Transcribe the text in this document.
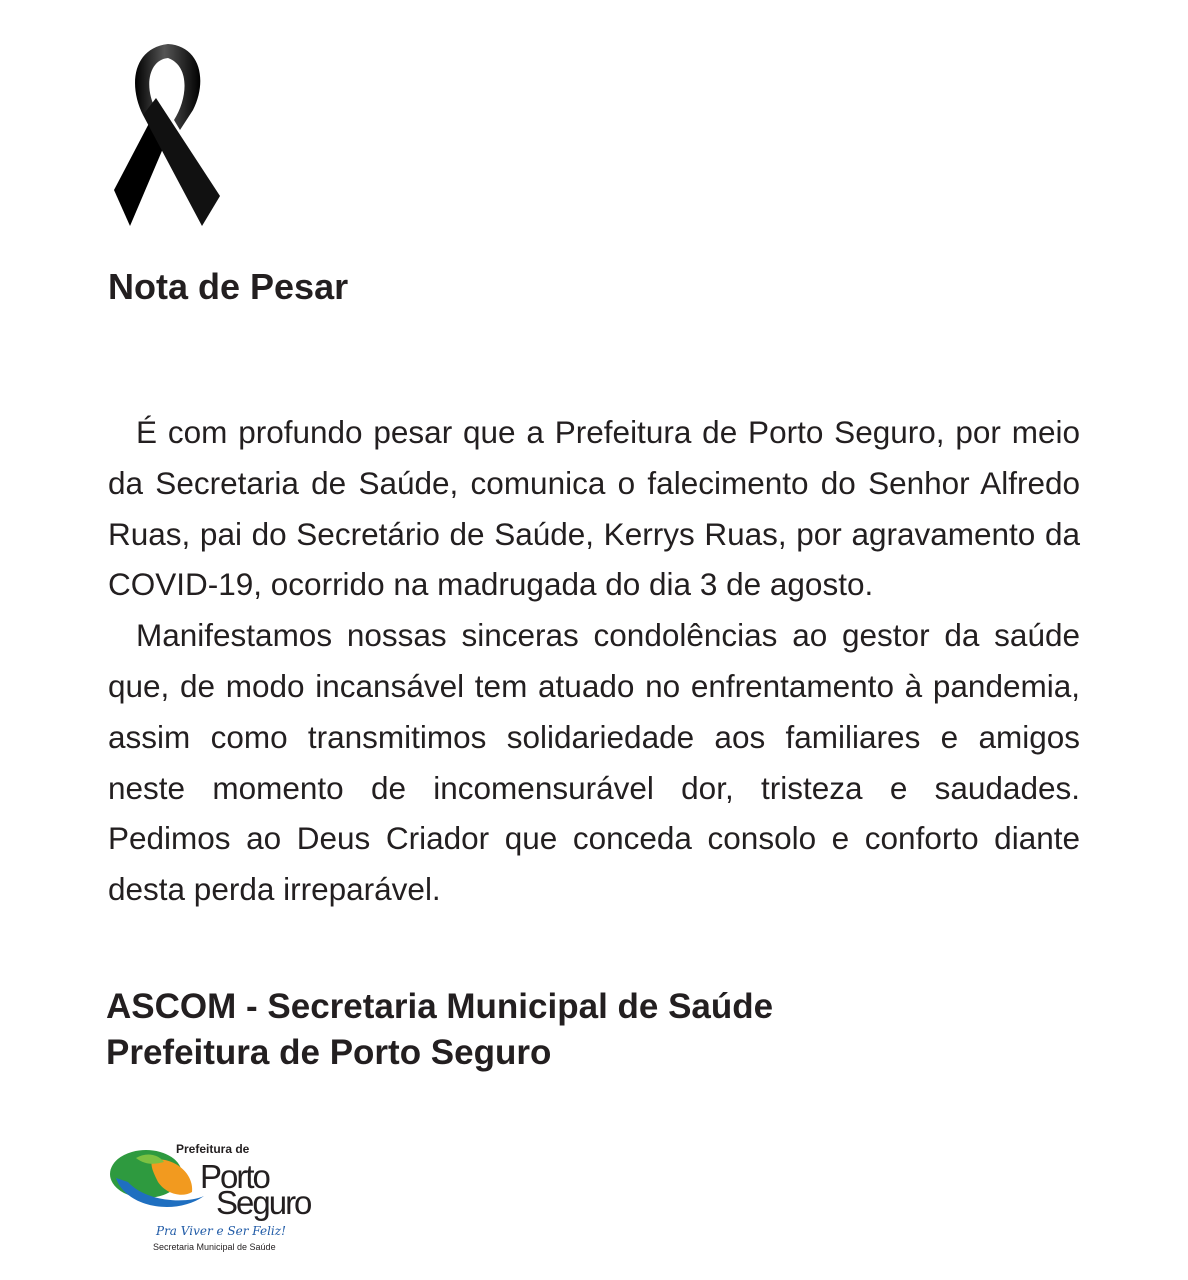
Nota de Pesar

É com profundo pesar que a Prefeitura de Porto Seguro, por meio da Secretaria de Saúde, comunica o falecimento do Senhor Alfredo Ruas, pai do Secretário de Saúde, Kerrys Ruas, por agravamento da COVID-19, ocorrido na madrugada do dia 3 de agosto.

Manifestamos nossas sinceras condolências ao gestor da saúde que, de modo incansável tem atuado no enfrentamento à pandemia, assim como transmitimos solidariedade aos familiares e amigos neste momento de incomensurável dor, tristeza e saudades. Pedimos ao Deus Criador que conceda consolo e conforto diante desta perda irreparável.

ASCOM - Secretaria Municipal de Saúde
Prefeitura de Porto Seguro
Prefeitura de
Porto
Seguro
Pra Viver e Ser Feliz!
Secretaria Municipal de Saúde
